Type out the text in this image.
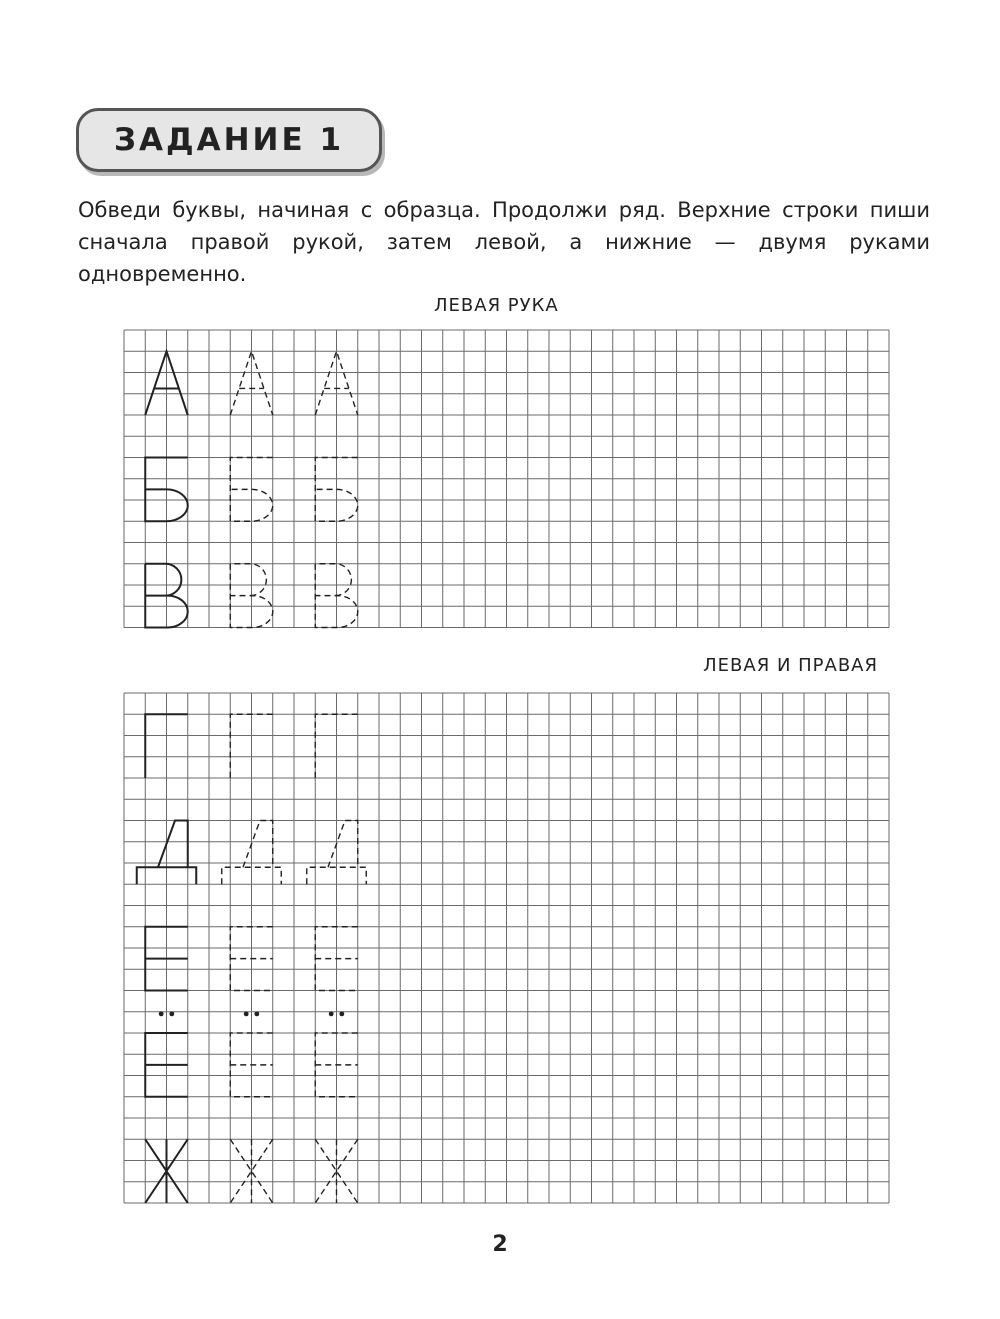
ЗАДАНИЕ 1

Обведи буквы, начиная с образца. Продолжи ряд. Верхние строки пиши сначала правой рукой, затем левой, а нижние — двумя руками одновременно.

ЛЕВАЯ РУКА
ЛЕВАЯ И ПРАВАЯ
2
